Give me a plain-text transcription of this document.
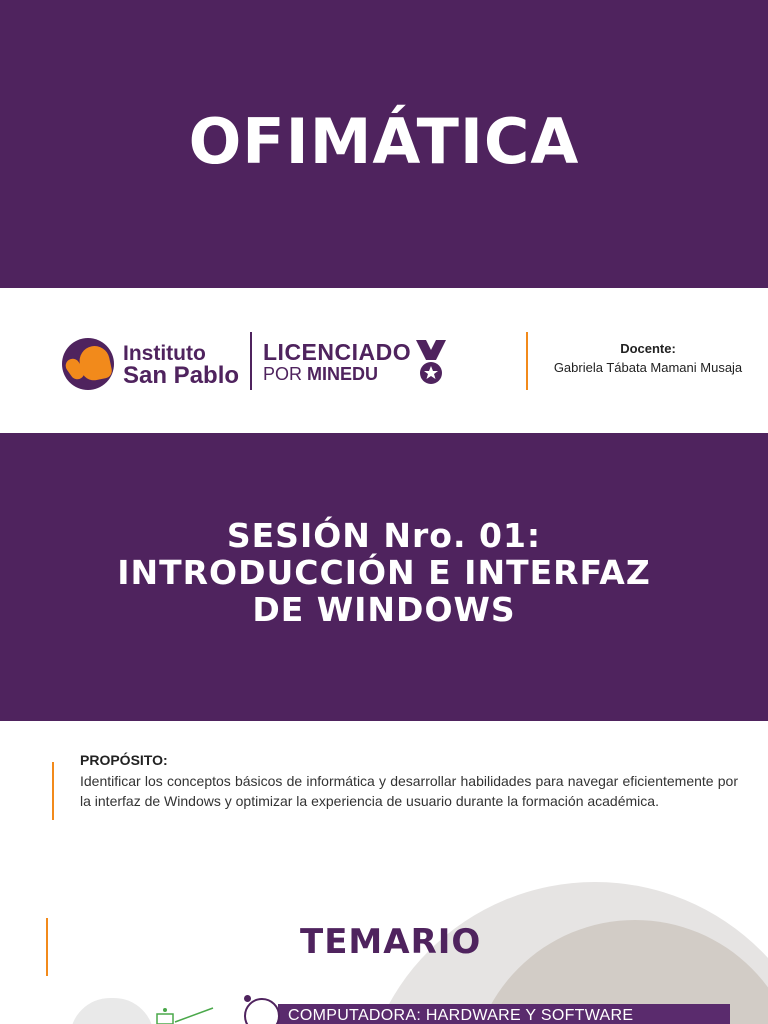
OFIMÁTICA
Instituto
San Pablo
LICENCIADO
POR MINEDU
Docente:
Gabriela Tábata Mamani Musaja
SESIÓN Nro. 01:
INTRODUCCIÓN E INTERFAZ
DE WINDOWS
PROPÓSITO:
Identificar los conceptos básicos de informática y desarrollar habilidades para navegar eficientemente por la interfaz de Windows y optimizar la experiencia de usuario durante la formación académica.
TEMARIO
COMPUTADORA: HARDWARE Y SOFTWARE
